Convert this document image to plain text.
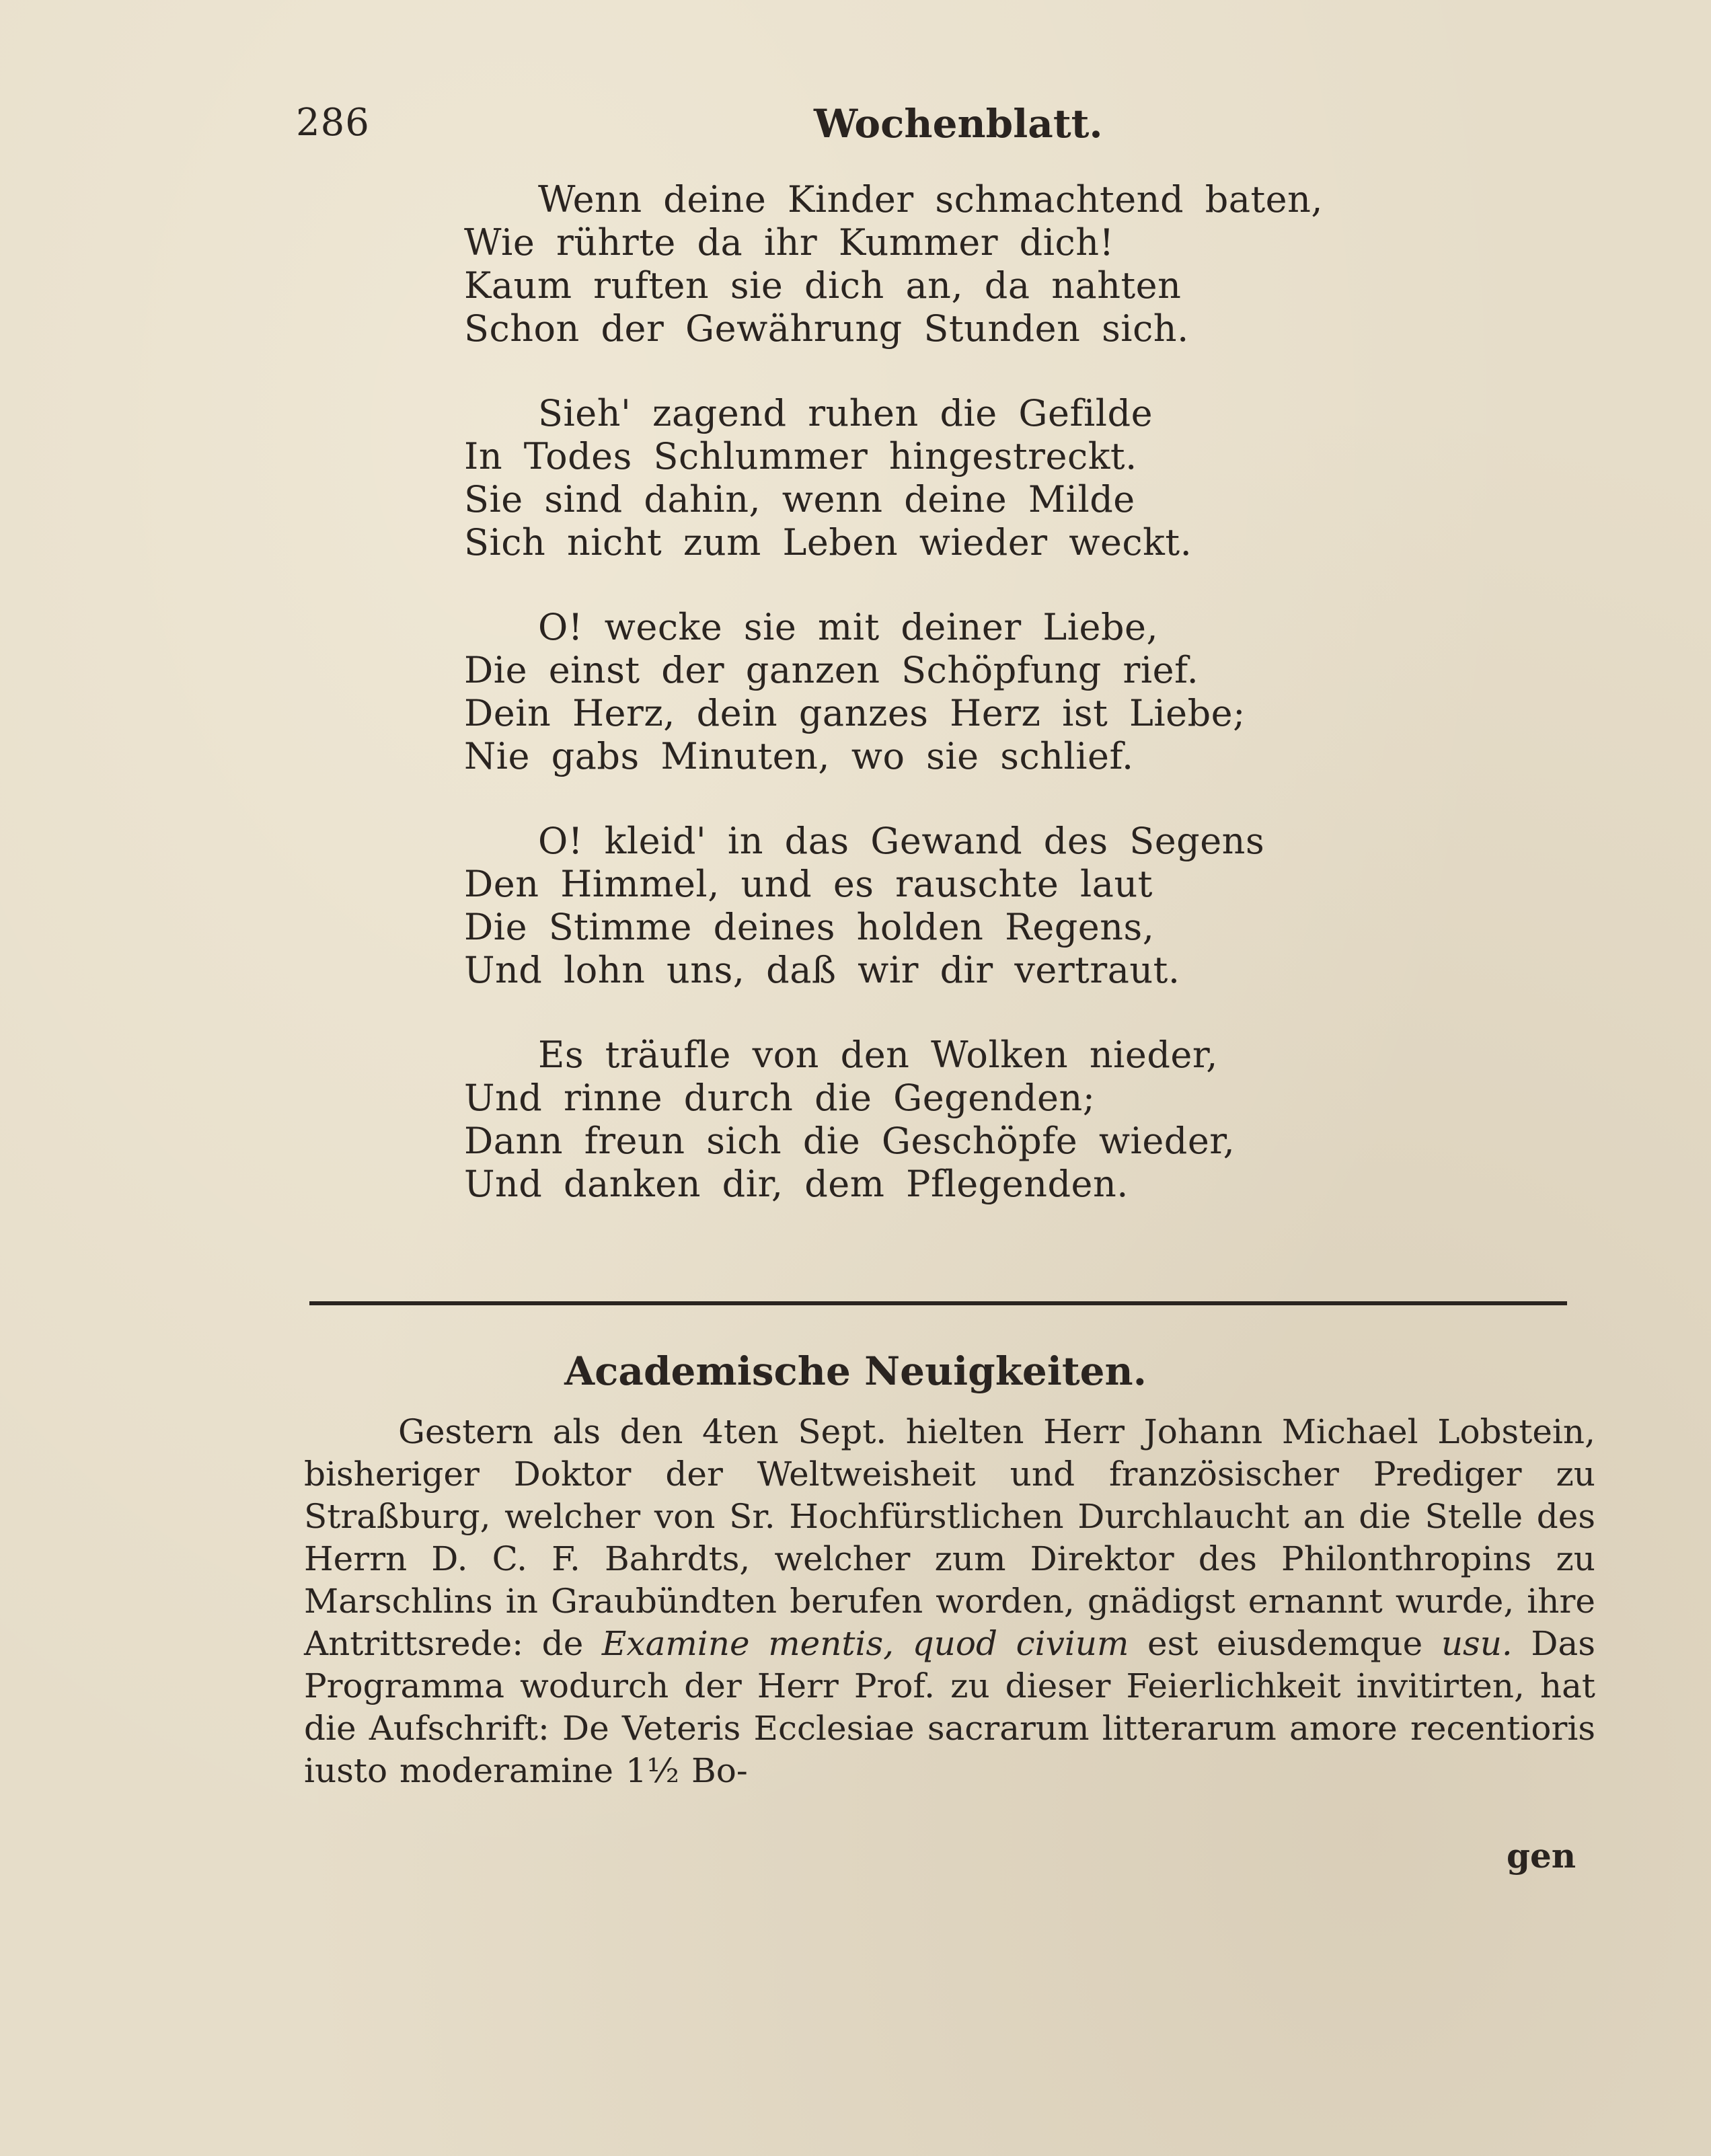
286	Wochenblatt.
Wenn deine Kinder schmachtend baten,
Wie rührte da ihr Kummer dich!
Kaum ruften sie dich an, da nahten
Schon der Gewährung Stunden sich.
Sieh' zagend ruhen die Gefilde
In Todes Schlummer hingestreckt.
Sie sind dahin, wenn deine Milde
Sich nicht zum Leben wieder weckt.
O! wecke sie mit deiner Liebe,
Die einst der ganzen Schöpfung rief.
Dein Herz, dein ganzes Herz ist Liebe;
Nie gabs Minuten, wo sie schlief.
O! kleid' in das Gewand des Segens
Den Himmel, und es rauschte laut
Die Stimme deines holden Regens,
Und lohn uns, daß wir dir vertraut.
Es träufle von den Wolken nieder,
Und rinne durch die Gegenden;
Dann freun sich die Geschöpfe wieder,
Und danken dir, dem Pflegenden.
Academische Neuigkeiten.
Gestern als den 4ten Sept. hielten Herr Johann Michael Lobstein, bisheriger Doktor der Weltweisheit und französischer Prediger zu Straßburg, welcher von Sr. Hochfürstlichen Durchlaucht an die Stelle des Herrn D. C. F. Bahrdts, welcher zum Direktor des Philonthropins zu Marschlins in Graubündten berufen worden, gnädigst ernannt wurde, ihre Antrittsrede: de Examine mentis, quod civium est eiusdemque usu. Das Programma wodurch der Herr Prof. zu dieser Feierlichkeit invitirten, hat die Aufschrift: De Veteris Ecclesiae sacrarum litterarum amore recentioris iusto moderamine 1½ Bo-
gen
